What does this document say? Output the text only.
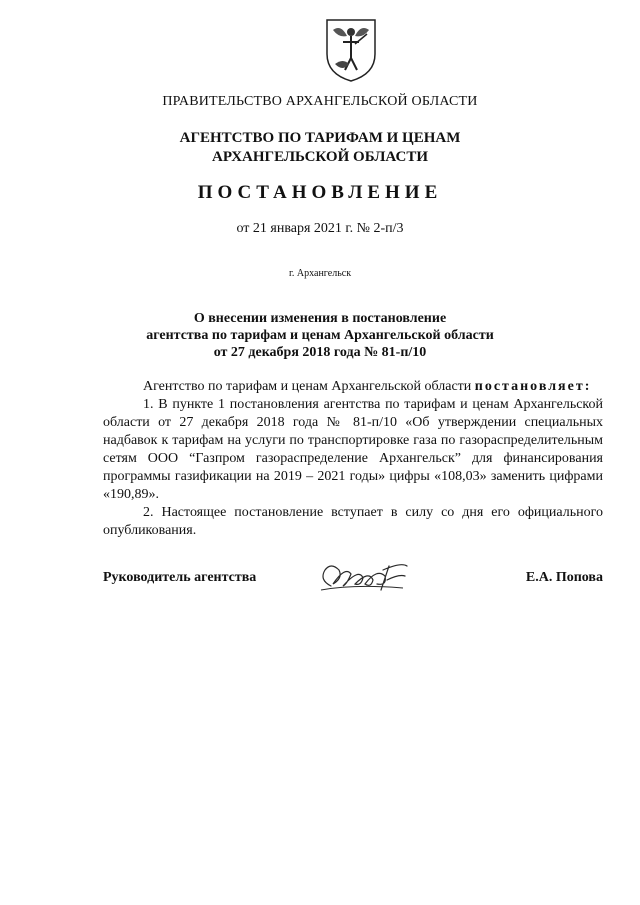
ПРАВИТЕЛЬСТВО АРХАНГЕЛЬСКОЙ ОБЛАСТИ
АГЕНТСТВО ПО ТАРИФАМ И ЦЕНАМ
АРХАНГЕЛЬСКОЙ ОБЛАСТИ
ПОСТАНОВЛЕНИЕ
от 21 января 2021 г. № 2-п/3
г. Архангельск
О внесении изменения в постановление
агентства по тарифам и ценам Архангельской области
от 27 декабря 2018 года № 81-п/10

Агентство по тарифам и ценам Архангельской области постановляет:

1. В пункте 1 постановления агентства по тарифам и ценам Архангельской области от 27 декабря 2018 года № 81-п/10 «Об утверждении специальных надбавок к тарифам на услуги по транспортировке газа по газораспределительным сетям ООО “Газпром газораспределение Архангельск” для финансирования программы газификации на 2019 – 2021 годы» цифры «108,03» заменить цифрами «190,89».

2. Настоящее постановление вступает в силу со дня его официального опубликования.

Руководитель агентства	Е.А. Попова
